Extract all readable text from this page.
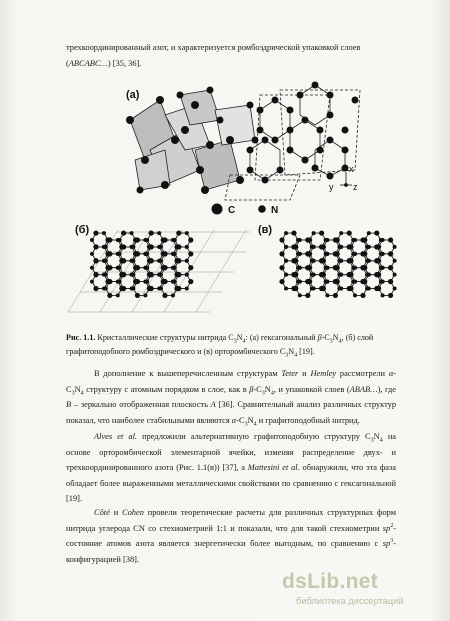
трехкоординированный азот, и характеризуется ромбоэдрической упаковкой слоев
(ABCABC…) [35, 36].
(a)
y z
x
C	N
(б)	(в)
Рис. 1.1. Кристаллические структуры нитрида $C_3N_4$: (а) гексагональный $\beta-C_3N_4$, (б) слой
графитоподобного ромбоэдрического и (в) орторомбического $C_3N_4$ [19].
В дополнение к вышеперечисленным структурам Teter и Hemley рассмотрели $\alpha-C_3N_4$ структуру с атомным порядком в слое, как в $\beta-C_3N_4$, и упаковкой слоев (ABAB…), где B – зеркально отображенная плоскость A [36]. Сравнительный анализ различных структур показал, что наиболее стабильными являются $\alpha-C_3N_4$ и графитоподобный нитрид.
Alves et al. предложили альтернативную графитоподобную структуру $C_3N_4$ на основе орторомбической элементарной ячейки, изменяя распределение двух- и трехкоординированного азота (Рис. 1.1(в)) [37], а Mattesini et al. обнаружили, что эта фаза обладает более выраженными металлическими свойствами по сравнению с гексагональной [19].
Côté и Cohen провели теоретические расчеты для различных структурных форм нитрида углерода CN со стехиометрией 1:1 и показали, что для такой стехиометрии $sp^2-$ состояние атомов азота является энергетически более выгодным, по сравнению с $sp^3-$ конфигурацией [38].
dsLib.net
библиотека диссертаций
